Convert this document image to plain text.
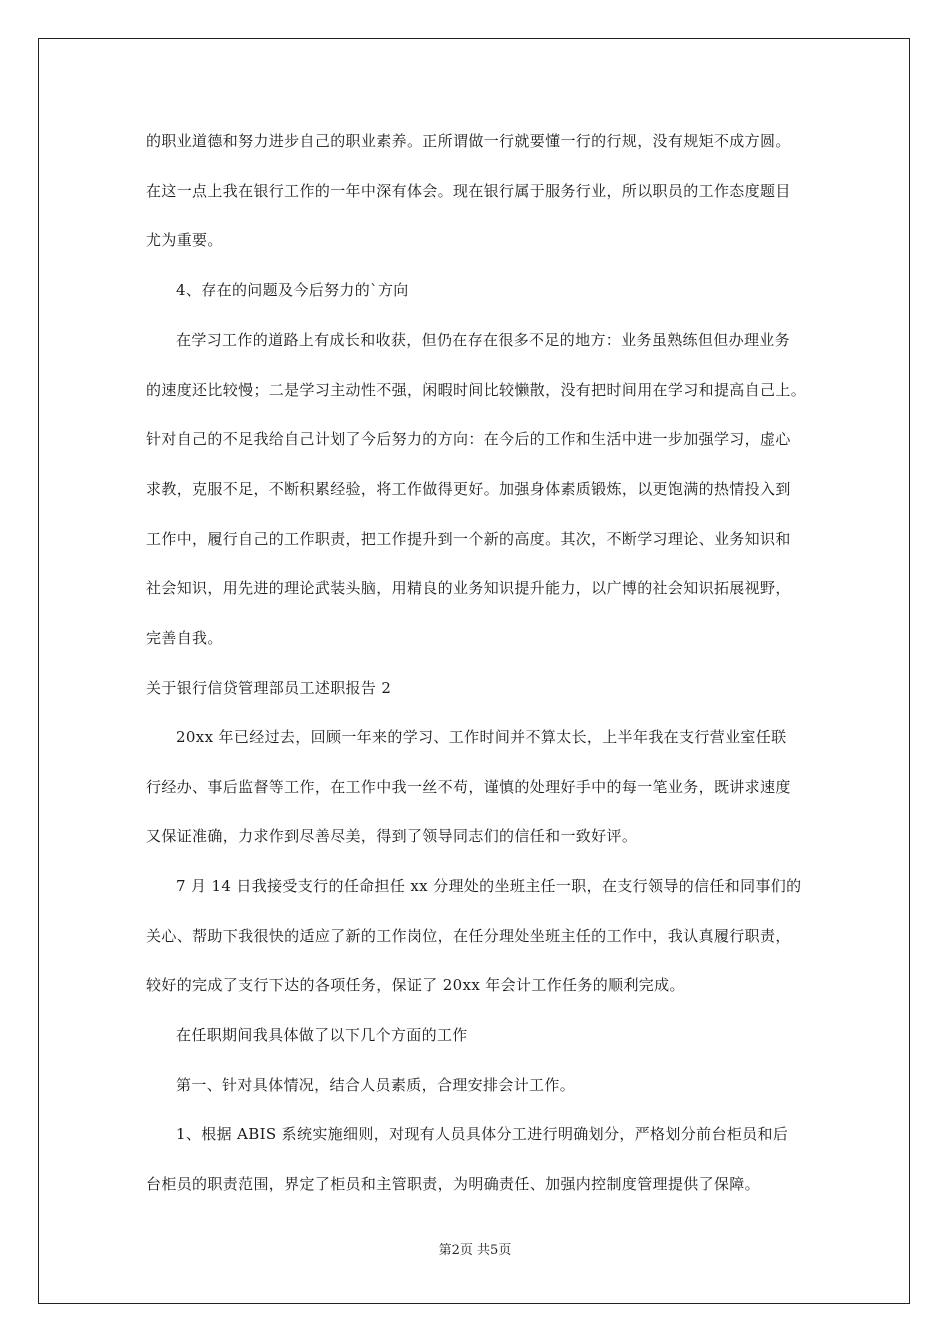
的职业道德和努力进步自己的职业素养。正所谓做一行就要懂一行的行规，没有规矩不成方圆。
在这一点上我在银行工作的一年中深有体会。现在银行属于服务行业，所以职员的工作态度题目
尤为重要。
4、存在的问题及今后努力的`方向
在学习工作的道路上有成长和收获，但仍在存在很多不足的地方：业务虽熟练但但办理业务
的速度还比较慢；二是学习主动性不强，闲暇时间比较懒散，没有把时间用在学习和提高自己上。
针对自己的不足我给自己计划了今后努力的方向：在今后的工作和生活中进一步加强学习，虚心
求教，克服不足，不断积累经验，将工作做得更好。加强身体素质锻炼，以更饱满的热情投入到
工作中，履行自己的工作职责，把工作提升到一个新的高度。其次，不断学习理论、业务知识和
社会知识，用先进的理论武装头脑，用精良的业务知识提升能力，以广博的社会知识拓展视野，
完善自我。
关于银行信贷管理部员工述职报告 2
20xx 年已经过去，回顾一年来的学习、工作时间并不算太长，上半年我在支行营业室任联
行经办、事后监督等工作，在工作中我一丝不苟，谨慎的处理好手中的每一笔业务，既讲求速度
又保证准确，力求作到尽善尽美，得到了领导同志们的信任和一致好评。
7 月 14 日我接受支行的任命担任 xx 分理处的坐班主任一职，在支行领导的信任和同事们的
关心、帮助下我很快的适应了新的工作岗位，在任分理处坐班主任的工作中，我认真履行职责，
较好的完成了支行下达的各项任务，保证了 20xx 年会计工作任务的顺利完成。
在任职期间我具体做了以下几个方面的工作
第一、针对具体情况，结合人员素质，合理安排会计工作。
1、根据 ABIS 系统实施细则，对现有人员具体分工进行明确划分，严格划分前台柜员和后
台柜员的职责范围，界定了柜员和主管职责，为明确责任、加强内控制度管理提供了保障。
第2页 共5页
